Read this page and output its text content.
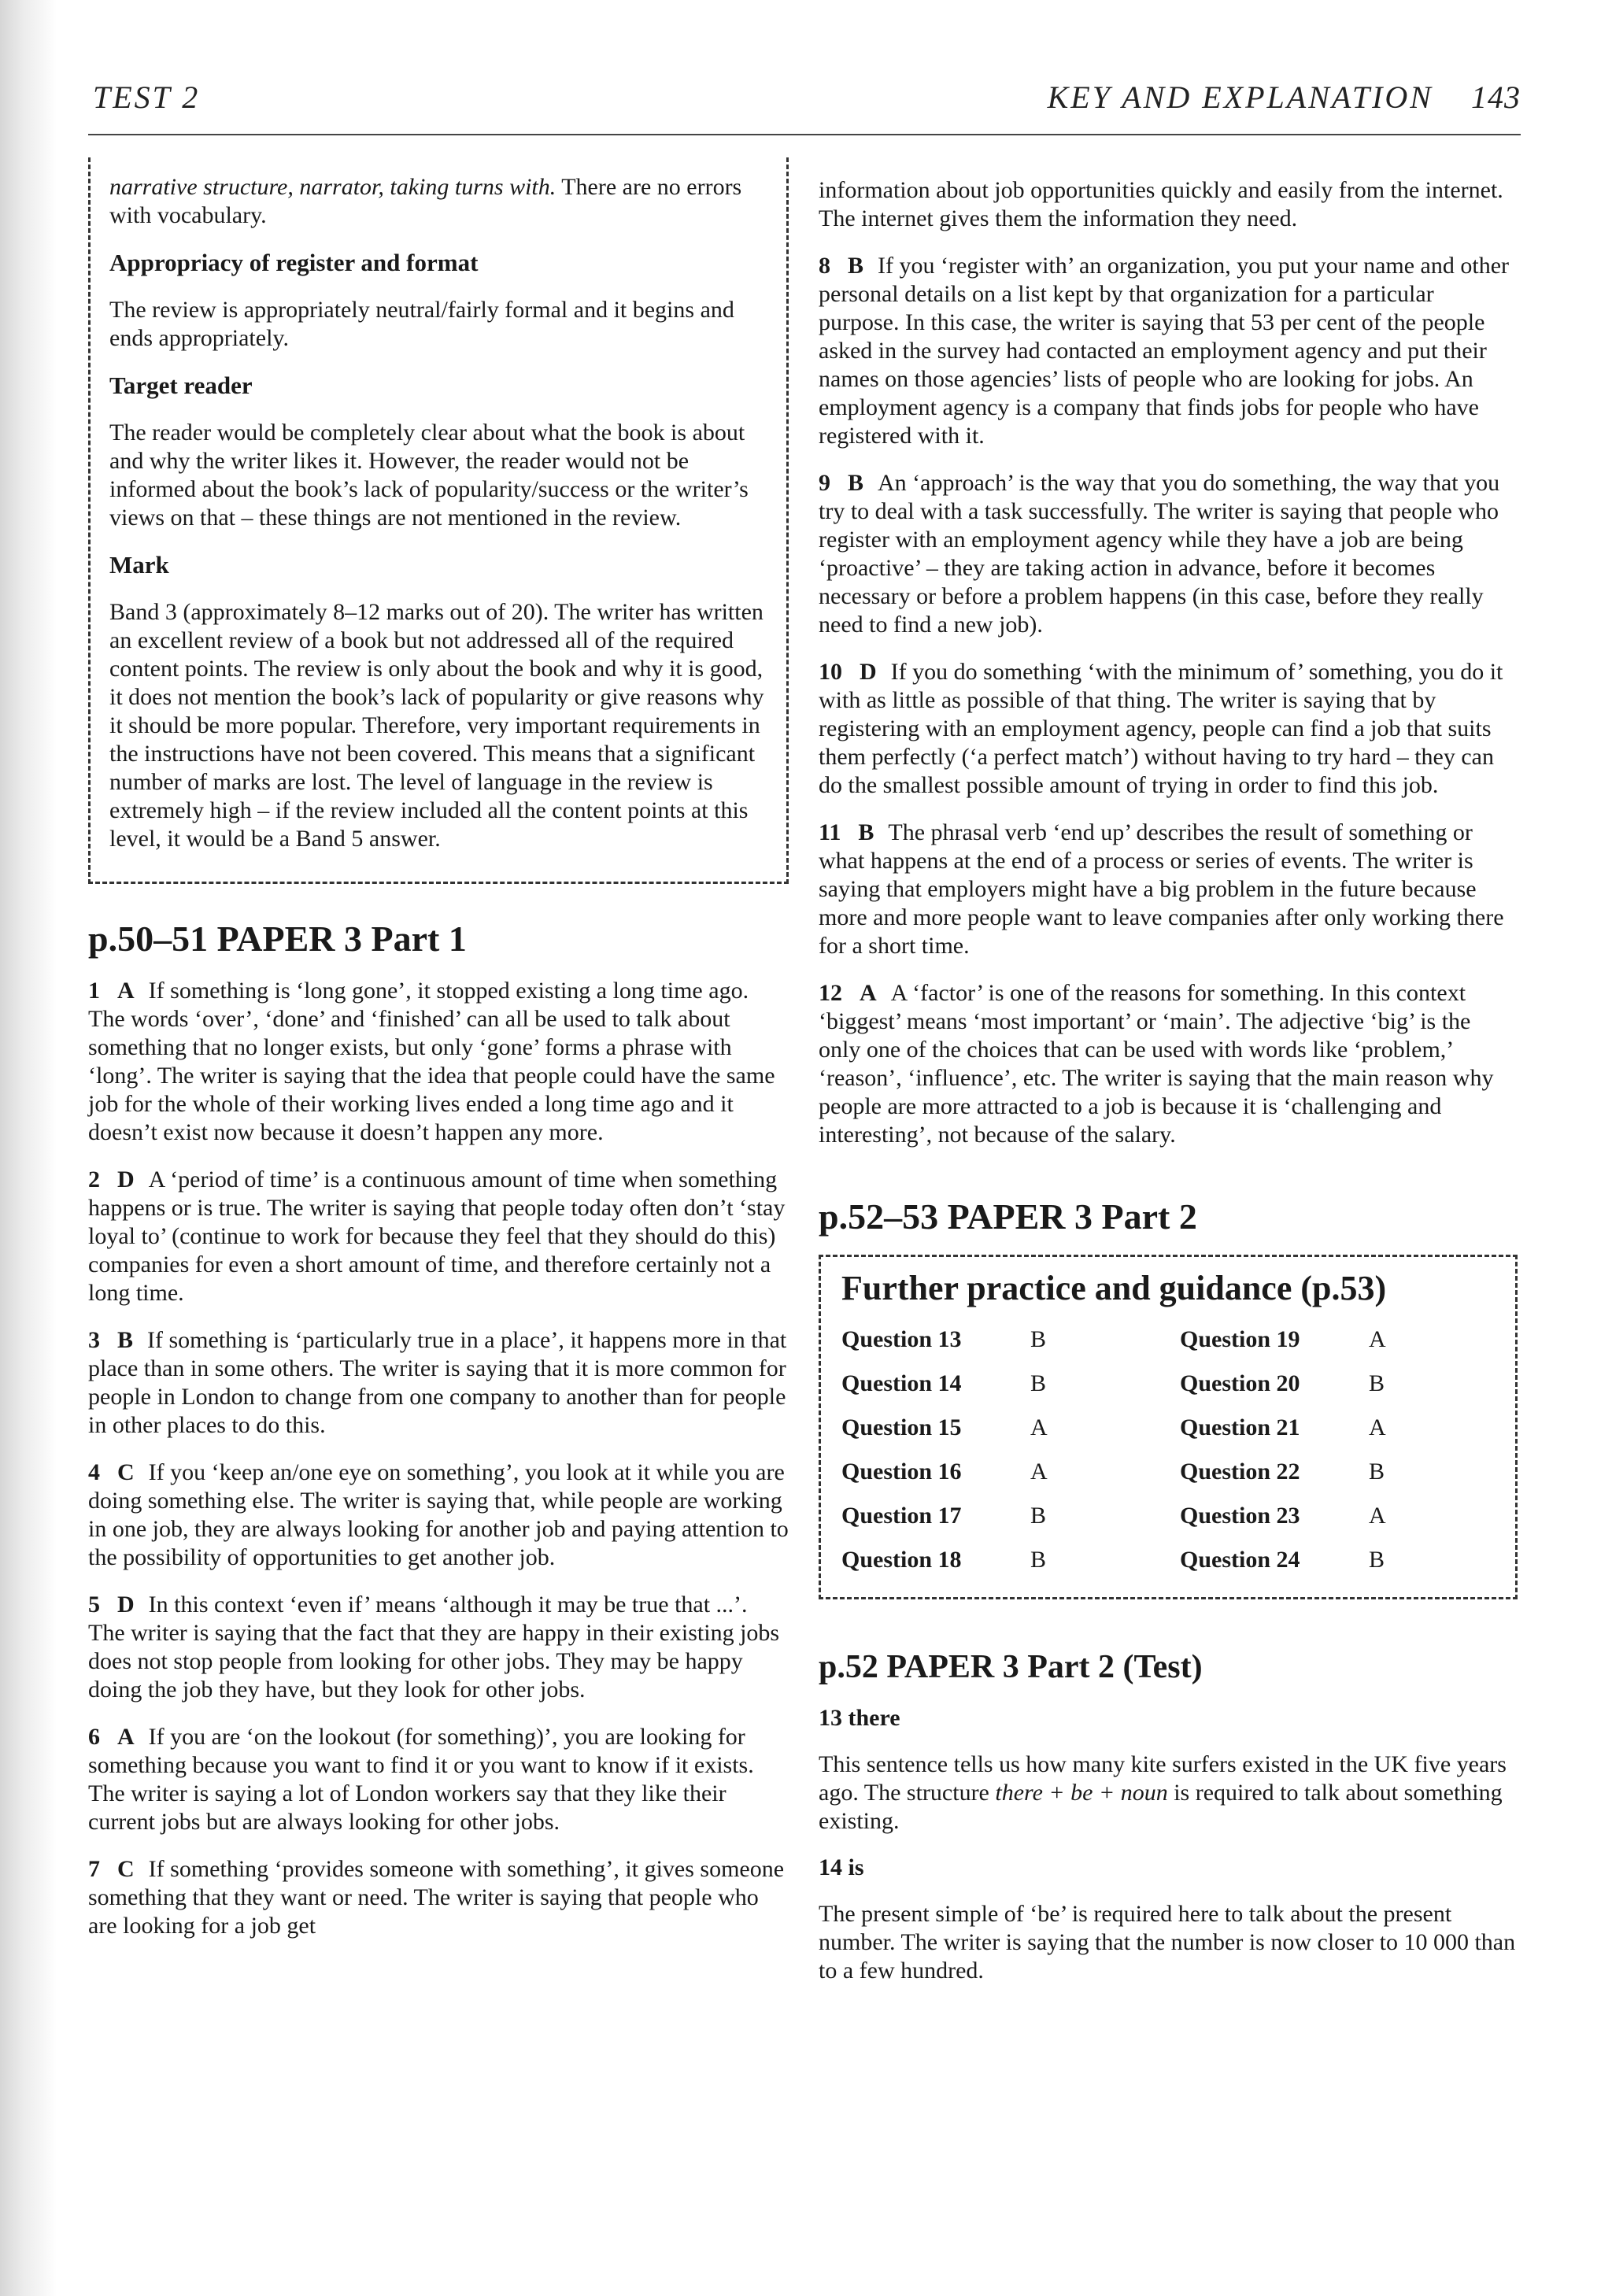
TEST 2	KEY AND EXPLANATION 143

narrative structure, narrator, taking turns with. There are no errors with vocabulary.

Appropriacy of register and format

The review is appropriately neutral/fairly formal and it begins and ends appropriately.

Target reader

The reader would be completely clear about what the book is about and why the writer likes it. However, the reader would not be informed about the book’s lack of popularity/success or the writer’s views on that – these things are not mentioned in the review.

Mark

Band 3 (approximately 8–12 marks out of 20). The writer has written an excellent review of a book but not addressed all of the required content points. The review is only about the book and why it is good, it does not mention the book’s lack of popularity or give reasons why it should be more popular. Therefore, very important requirements in the instructions have not been covered. This means that a significant number of marks are lost. The level of language in the review is extremely high – if the review included all the content points at this level, it would be a Band 5 answer.

p.50–51 PAPER 3 Part 1

1 A If something is ‘long gone’, it stopped existing a long time ago. The words ‘over’, ‘done’ and ‘finished’ can all be used to talk about something that no longer exists, but only ‘gone’ forms a phrase with ‘long’. The writer is saying that the idea that people could have the same job for the whole of their working lives ended a long time ago and it doesn’t exist now because it doesn’t happen any more.

2 D A ‘period of time’ is a continuous amount of time when something happens or is true. The writer is saying that people today often don’t ‘stay loyal to’ (continue to work for because they feel that they should do this) companies for even a short amount of time, and therefore certainly not a long time.

3 B If something is ‘particularly true in a place’, it happens more in that place than in some others. The writer is saying that it is more common for people in London to change from one company to another than for people in other places to do this.

4 C If you ‘keep an/one eye on something’, you look at it while you are doing something else. The writer is saying that, while people are working in one job, they are always looking for another job and paying attention to the possibility of opportunities to get another job.

5 D In this context ‘even if’ means ‘although it may be true that ...’. The writer is saying that the fact that they are happy in their existing jobs does not stop people from looking for other jobs. They may be happy doing the job they have, but they look for other jobs.

6 A If you are ‘on the lookout (for something)’, you are looking for something because you want to find it or you want to know if it exists. The writer is saying a lot of London workers say that they like their current jobs but are always looking for other jobs.

7 C If something ‘provides someone with something’, it gives someone something that they want or need. The writer is saying that people who are looking for a job get

information about job opportunities quickly and easily from the internet. The internet gives them the information they need.

8 B If you ‘register with’ an organization, you put your name and other personal details on a list kept by that organization for a particular purpose. In this case, the writer is saying that 53 per cent of the people asked in the survey had contacted an employment agency and put their names on those agencies’ lists of people who are looking for jobs. An employment agency is a company that finds jobs for people who have registered with it.

9 B An ‘approach’ is the way that you do something, the way that you try to deal with a task successfully. The writer is saying that people who register with an employment agency while they have a job are being ‘proactive’ – they are taking action in advance, before it becomes necessary or before a problem happens (in this case, before they really need to find a new job).

10 D If you do something ‘with the minimum of’ something, you do it with as little as possible of that thing. The writer is saying that by registering with an employment agency, people can find a job that suits them perfectly (‘a perfect match’) without having to try hard – they can do the smallest possible amount of trying in order to find this job.

11 B The phrasal verb ‘end up’ describes the result of something or what happens at the end of a process or series of events. The writer is saying that employers might have a big problem in the future because more and more people want to leave companies after only working there for a short time.

12 A A ‘factor’ is one of the reasons for something. In this context ‘biggest’ means ‘most important’ or ‘main’. The adjective ‘big’ is the only one of the choices that can be used with words like ‘problem,’ ‘reason’, ‘influence’, etc. The writer is saying that the main reason why people are more attracted to a job is because it is ‘challenging and interesting’, not because of the salary.

p.52–53 PAPER 3 Part 2
Further practice and guidance (p.53)
Question 13	B	Question 19	A
Question 14	B	Question 20	B
Question 15	A	Question 21	A
Question 16	A	Question 22	B
Question 17	B	Question 23	A
Question 18	B	Question 24	B
p.52 PAPER 3 Part 2 (Test)
13 there

This sentence tells us how many kite surfers existed in the UK five years ago. The structure there + be + noun is required to talk about something existing.

14 is

The present simple of ‘be’ is required here to talk about the present number. The writer is saying that the number is now closer to 10 000 than to a few hundred.
